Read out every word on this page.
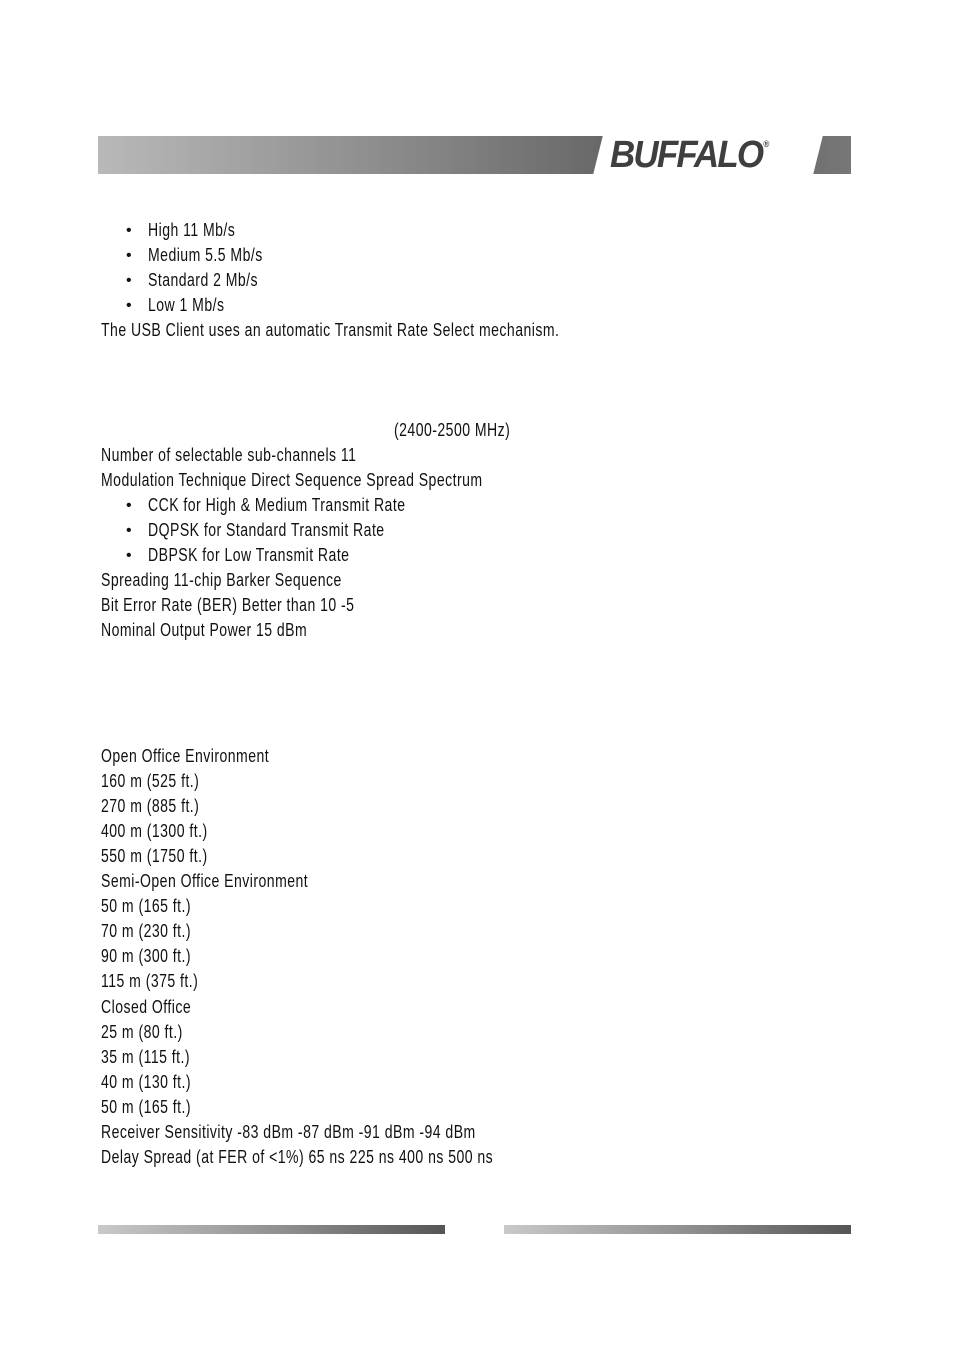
BUFFALO®
• High 11 Mb/s
• Medium 5.5 Mb/s
• Standard 2 Mb/s
• Low 1 Mb/s
The USB Client uses an automatic Transmit Rate Select mechanism.
(2400-2500 MHz)
Number of selectable sub-channels 11
Modulation Technique Direct Sequence Spread Spectrum
• CCK for High & Medium Transmit Rate
• DQPSK for Standard Transmit Rate
• DBPSK for Low Transmit Rate
Spreading 11-chip Barker Sequence
Bit Error Rate (BER) Better than 10 -5
Nominal Output Power 15 dBm
Open Office Environment
160 m (525 ft.)
270 m (885 ft.)
400 m (1300 ft.)
550 m (1750 ft.)
Semi-Open Office Environment
50 m (165 ft.)
70 m (230 ft.)
90 m (300 ft.)
115 m (375 ft.)
Closed Office
25 m (80 ft.)
35 m (115 ft.)
40 m (130 ft.)
50 m (165 ft.)
Receiver Sensitivity -83 dBm -87 dBm -91 dBm -94 dBm
Delay Spread (at FER of <1%) 65 ns 225 ns 400 ns 500 ns
